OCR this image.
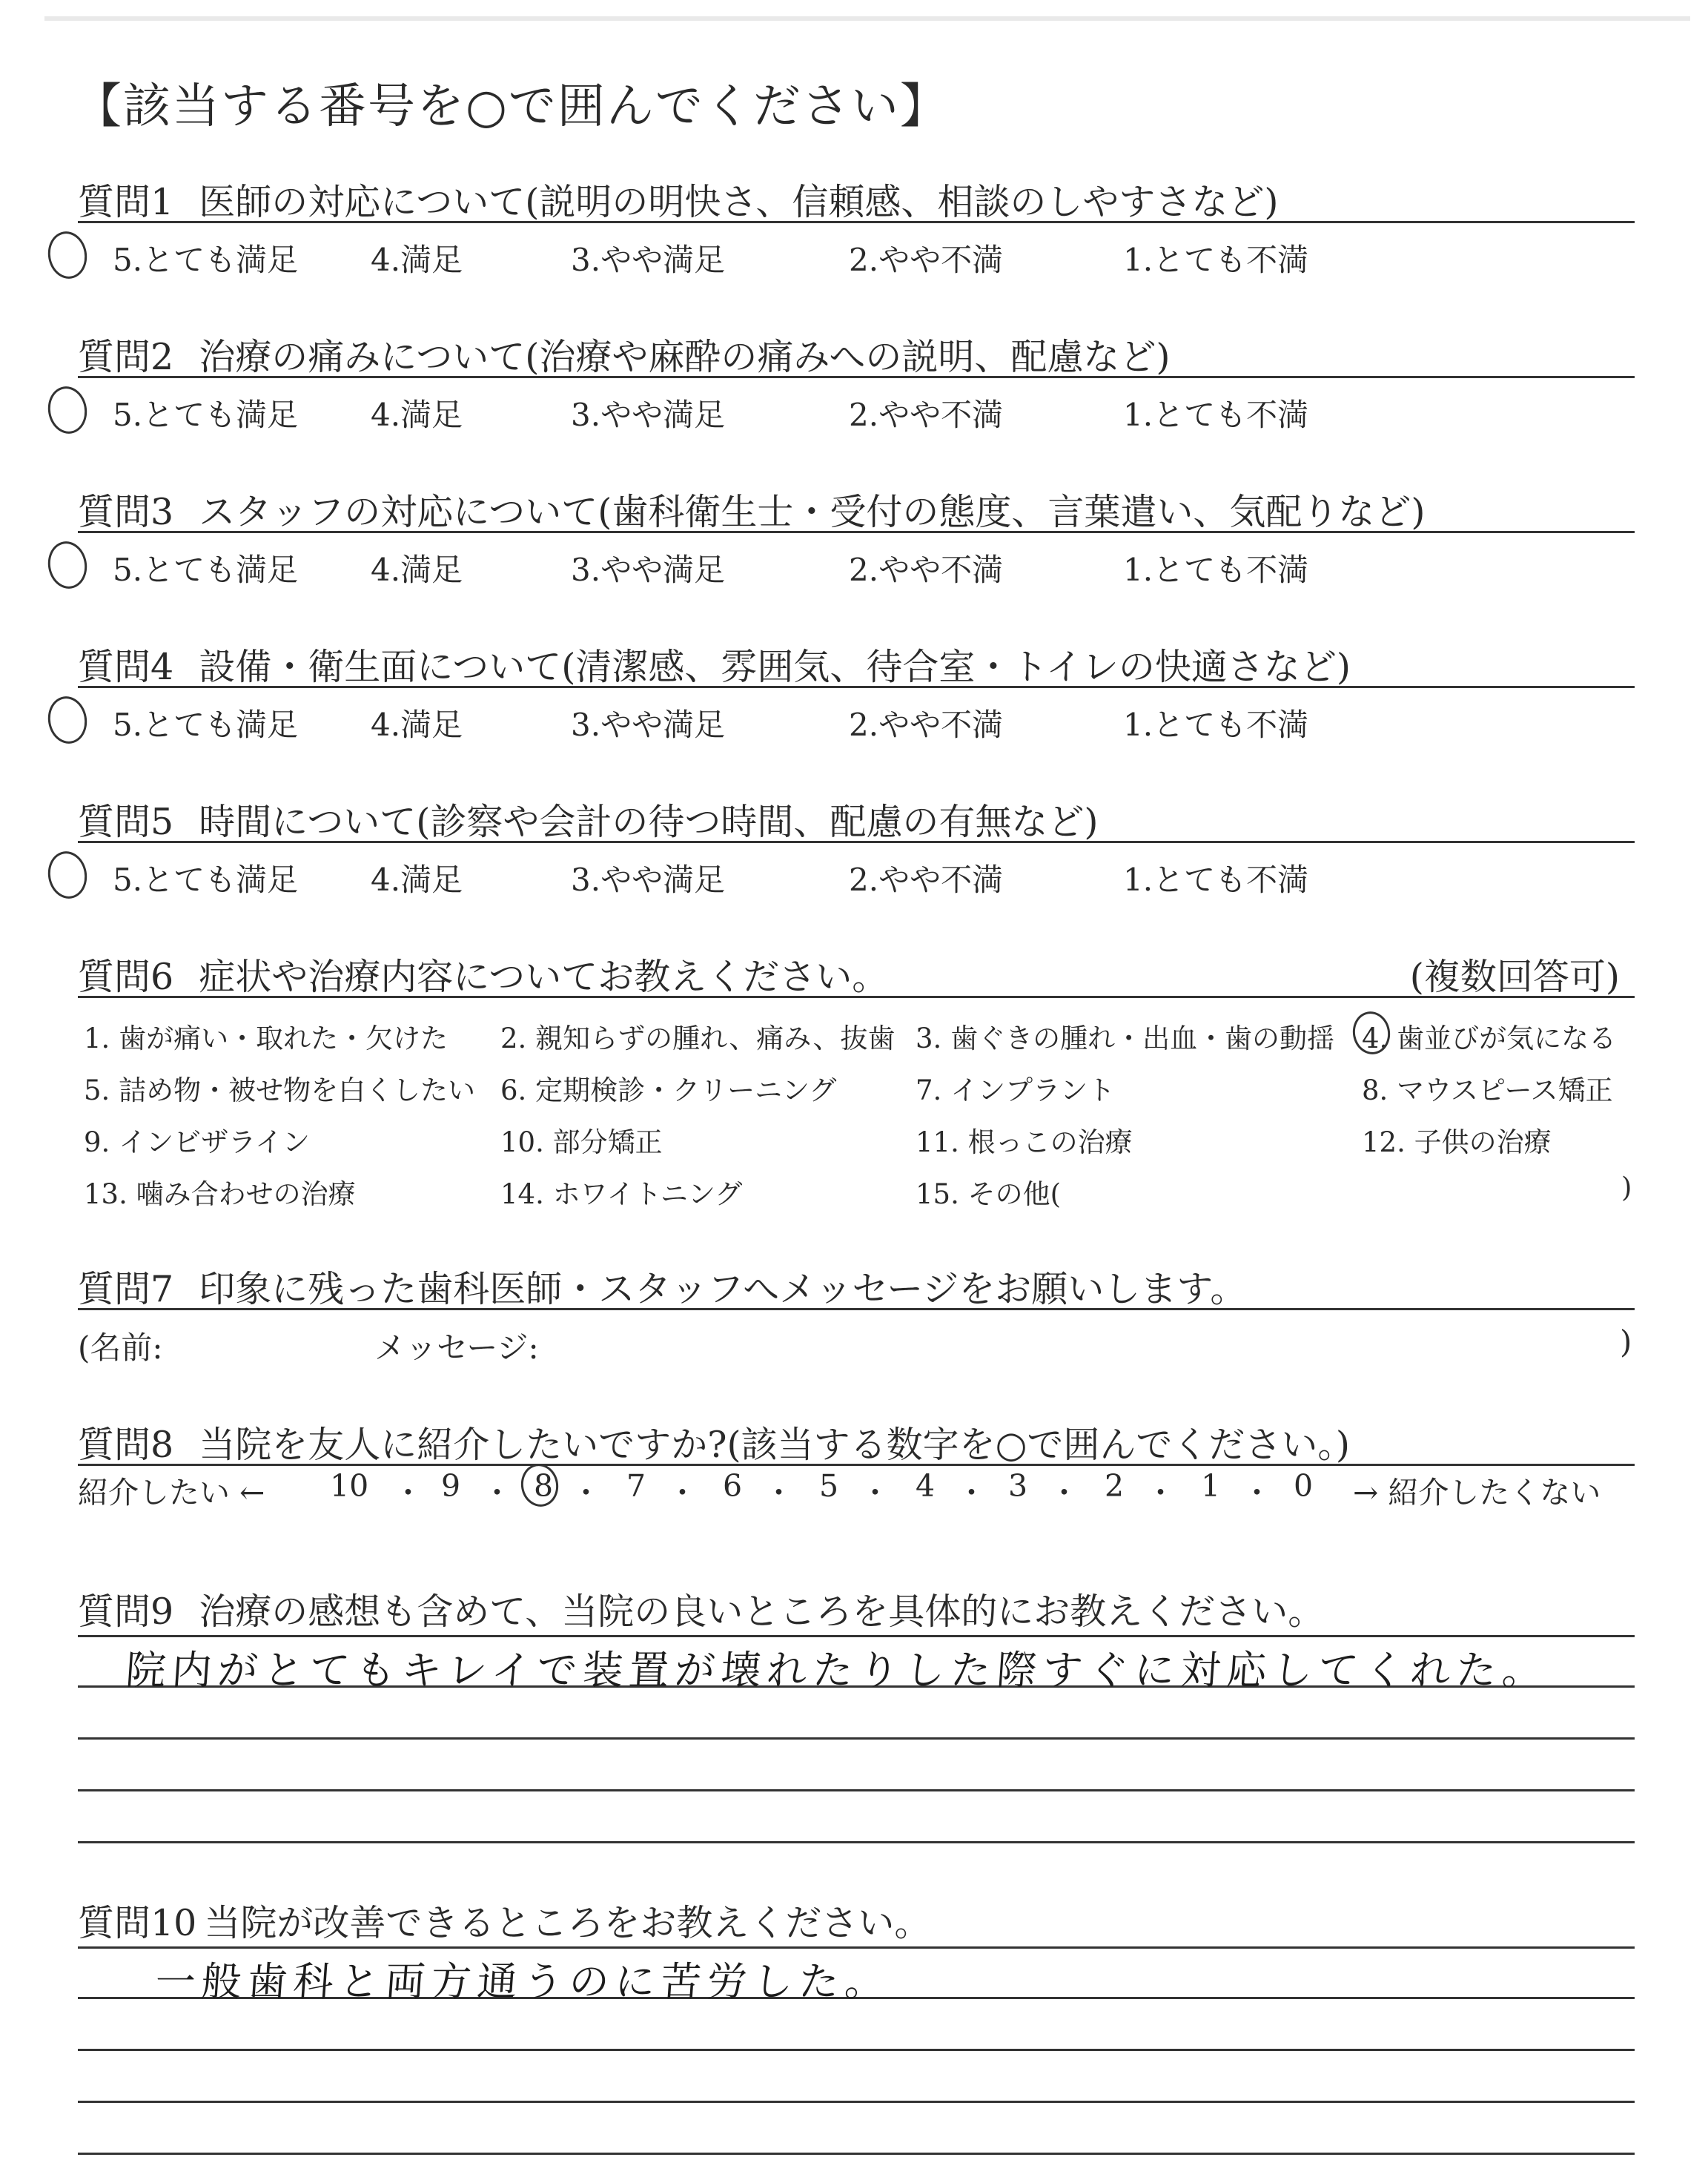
【該当する番号を○で囲んでください】
質問1 医師の対応について(説明の明快さ、信頼感、相談のしやすさなど)
5.とても満足 4.満足	3.やや満足	2.やや不満	1.とても不満
質問2 治療の痛みについて(治療や麻酔の痛みへの説明、配慮など)
5.とても満足 4.満足	3.やや満足	2.やや不満	1.とても不満
質問3 スタッフの対応について(歯科衛生士・受付の態度、言葉遣い、気配りなど)
5.とても満足 4.満足	3.やや満足	2.やや不満	1.とても不満
質問4 設備・衛生面について(清潔感、雰囲気、待合室・トイレの快適さなど)
5.とても満足 4.満足	3.やや満足	2.やや不満	1.とても不満
質問5 時間について(診察や会計の待つ時間、配慮の有無など)
5.とても満足 4.満足	3.やや満足	2.やや不満	1.とても不満
質問6 症状や治療内容についてお教えください。	(複数回答可)
1. 歯が痛い・取れた・欠けた 2. 親知らずの腫れ、痛み、抜歯 3. 歯ぐきの腫れ・出血・歯の動揺 4. 歯並びが気になる
5. 詰め物・被せ物を白くしたい 6. 定期検診・クリーニング	7. インプラント	8. マウスピース矯正
9. インビザライン	10. 部分矯正	11. 根っこの治療	12. 子供の治療
13. 噛み合わせの治療	14. ホワイトニング	15. その他(	)
質問7 印象に残った歯科医師・スタッフへメッセージをお願いします。
(名前:	メッセージ:	)
質問8 当院を友人に紹介したいですか?(該当する数字を○で囲んでください。)
紹介したい ← 10 ・ 9 ・ 8 ・ 7 ・ 6 ・ 5 ・ 4 ・ 3 ・ 2 ・ 1 ・ 0 → 紹介したくない
質問9 治療の感想も含めて、当院の良いところを具体的にお教えください。
院内がとてもキレイで装置が壊れたりした際すぐに対応してくれた。
質問10 当院が改善できるところをお教えください。
一般歯科と両方通うのに苦労した。
